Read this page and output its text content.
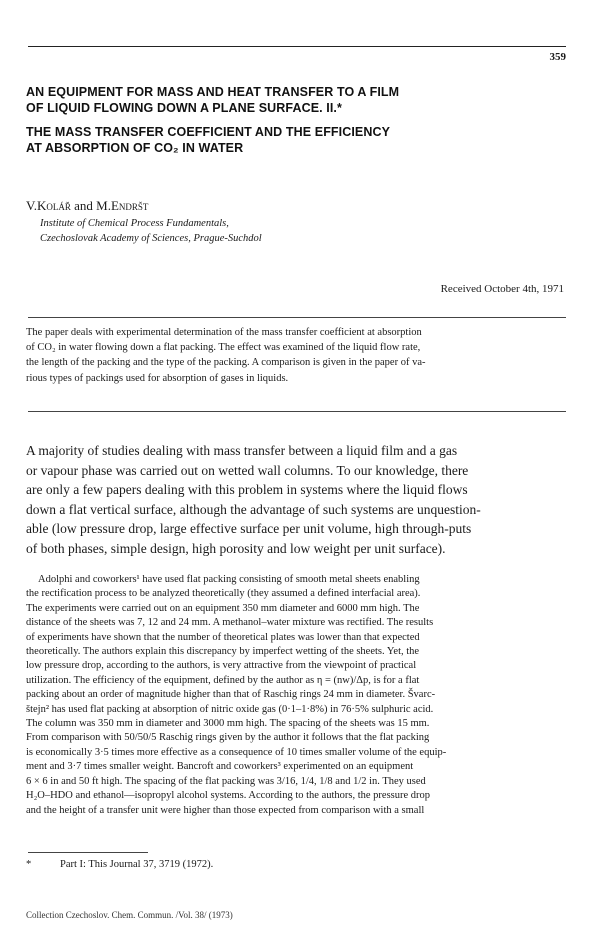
359
AN EQUIPMENT FOR MASS AND HEAT TRANSFER TO A FILM
OF LIQUID FLOWING DOWN A PLANE SURFACE. II.*
THE MASS TRANSFER COEFFICIENT AND THE EFFICIENCY
AT ABSORPTION OF CO₂ IN WATER
V.Kolář and M.Endršt
Institute of Chemical Process Fundamentals,
Czechoslovak Academy of Sciences, Prague-Suchdol
Received October 4th, 1971
The paper deals with experimental determination of the mass transfer coefficient at absorption
of CO₂ in water flowing down a flat packing. The effect was examined of the liquid flow rate,
the length of the packing and the type of the packing. A comparison is given in the paper of va-
rious types of packings used for absorption of gases in liquids.
A majority of studies dealing with mass transfer between a liquid film and a gas
or vapour phase was carried out on wetted wall columns. To our knowledge, there
are only a few papers dealing with this problem in systems where the liquid flows
down a flat vertical surface, although the advantage of such systems are unquestion-
able (low pressure drop, large effective surface per unit volume, high through-puts
of both phases, simple design, high porosity and low weight per unit surface).
Adolphi and coworkers¹ have used flat packing consisting of smooth metal sheets enabling
the rectification process to be analyzed theoretically (they assumed a defined interfacial area).
The experiments were carried out on an equipment 350 mm diameter and 6000 mm high. The
distance of the sheets was 7, 12 and 24 mm. A methanol–water mixture was rectified. The results
of experiments have shown that the number of theoretical plates was lower than that expected
theoretically. The authors explain this discrepancy by imperfect wetting of the sheets. Yet, the
low pressure drop, according to the authors, is very attractive from the viewpoint of practical
utilization. The efficiency of the equipment, defined by the author as η = (nw)/Δp, is for a flat
packing about an order of magnitude higher than that of Raschig rings 24 mm in diameter. Švarc-
štejn² has used flat packing at absorption of nitric oxide gas (0·1–1·8%) in 76·5% sulphuric acid.
The column was 350 mm in diameter and 3000 mm high. The spacing of the sheets was 15 mm.
From comparison with 50/50/5 Raschig rings given by the author it follows that the flat packing
is economically 3·5 times more effective as a consequence of 10 times smaller volume of the equip-
ment and 3·7 times smaller weight. Bancroft and coworkers³ experimented on an equipment
6 × 6 in and 50 ft high. The spacing of the flat packing was 3/16, 1/4, 1/8 and 1/2 in. They used
H₂O–HDO and ethanol—isopropyl alcohol systems. According to the authors, the pressure drop
and the height of a transfer unit were higher than those expected from comparison with a small
*	Part I: This Journal 37, 3719 (1972).
Collection Czechoslov. Chem. Commun. /Vol. 38/ (1973)
